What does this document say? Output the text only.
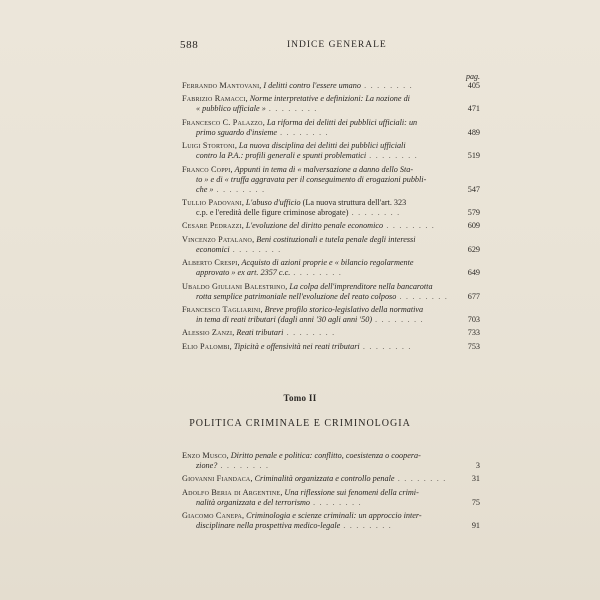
588	INDICE GENERALE
pag.
Ferrando Mantovani, I delitti contro l'essere umano . . . . . . . .	405
Fabrizio Ramacci, Norme interpretative e definizioni: La nozione di
« pubblico ufficiale » . . . . . . . .	471
Francesco C. Palazzo, La riforma dei delitti dei pubblici ufficiali: un
primo sguardo d'insieme . . . . . . . .	489
Luigi Stortoni, La nuova disciplina dei delitti dei pubblici ufficiali
contro la P.A.: profili generali e spunti problematici . . . . . . . .	519
Franco Coppi, Appunti in tema di « malversazione a danno dello Sta-
to » e di « truffa aggravata per il conseguimento di erogazioni pubbli-
che » . . . . . . . .	547
Tullio Padovani, L'abuso d'ufficio (La nuova struttura dell'art. 323
c.p. e l'eredità delle figure criminose abrogate) . . . . . . . .	579
Cesare Pedrazzi, L'evoluzione del diritto penale economico . . . . . . . .	609
Vincenzo Patalano, Beni costituzionali e tutela penale degli interessi
economici . . . . . . . .	629
Alberto Crespi, Acquisto di azioni proprie e « bilancio regolarmente
approvato » ex art. 2357 c.c. . . . . . . . .	649
Ubaldo Giuliani Balestrino, La colpa dell'imprenditore nella bancarotta
rotta semplice patrimoniale nell'evoluzione del reato colposo . . . . . . . .	677
Francesco Tagliarini, Breve profilo storico-legislativo della normativa
in tema di reati tributari (dagli anni '30 agli anni '50) . . . . . . . .	703
Alessio Zanzi, Reati tributari . . . . . . . .	733
Elio Palombi, Tipicità e offensività nei reati tributari . . . . . . . .	753
Tomo II
POLITICA CRIMINALE E CRIMINOLOGIA
Enzo Musco, Diritto penale e politica: conflitto, coesistenza o coopera-
zione? . . . . . . . .	3
Giovanni Fiandaca, Criminalità organizzata e controllo penale . . . . . . . .	31
Adolfo Beria di Argentine, Una riflessione sui fenomeni della crimi-
nalità organizzata e del terrorismo . . . . . . . .	75
Giacomo Canepa, Criminologia e scienze criminali: un approccio inter-
disciplinare nella prospettiva medico-legale . . . . . . . .	91
